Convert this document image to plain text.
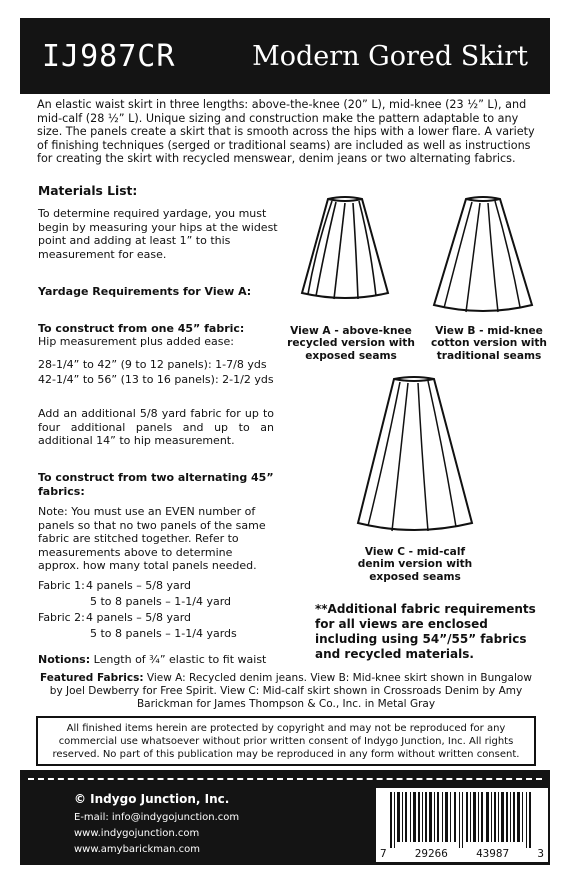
IJ987CR	Modern Gored Skirt
An elastic waist skirt in three lengths: above-the-knee (20” L), mid-knee (23 ½” L), and mid-calf (28 ½” L). Unique sizing and construction make the pattern adaptable to any size. The panels create a skirt that is smooth across the hips with a lower flare. A variety of finishing techniques (serged or traditional seams) are included as well as instructions for creating the skirt with recycled menswear, denim jeans or two alternating fabrics.
Materials List:
To determine required yardage, you must begin by measuring your hips at the widest point and adding at least 1” to this measurement for ease.
Yardage Requirements for View A:
To construct from one 45” fabric:
Hip measurement plus added ease:
28-1/4” to 42” (9 to 12 panels): 1-7/8 yds
42-1/4” to 56” (13 to 16 panels): 2-1/2 yds
Add an additional 5/8 yard fabric for up to four additional panels and up to an additional 14” to hip measurement.
To construct from two alternating 45” fabrics:
Note: You must use an EVEN number of panels so that no two panels of the same fabric are stitched together. Refer to measurements above to determine approx. how many total panels needed.
Fabric 1: 4 panels – 5/8 yard
5 to 8 panels – 1-1/4 yard
Fabric 2: 4 panels – 5/8 yard
5 to 8 panels – 1-1/4 yards
Notions: Length of ¾” elastic to fit waist
View A - above-knee recycled version with exposed seams
View B - mid-knee cotton version with traditional seams
View C - mid-calf denim version with exposed seams
**Additional fabric requirements for all views are enclosed including using 54”/55” fabrics and recycled materials.
Featured Fabrics: View A: Recycled denim jeans. View B: Mid-knee skirt shown in Bungalow by Joel Dewberry for Free Spirit. View C: Mid-calf skirt shown in Crossroads Denim by Amy Barickman for James Thompson & Co., Inc. in Metal Gray
All finished items herein are protected by copyright and may not be reproduced for any commercial use whatsoever without prior written consent of Indygo Junction, Inc. All rights reserved. No part of this publication may be reproduced in any form without written consent.
© Indygo Junction, Inc.
E-mail: info@indygojunction.com
www.indygojunction.com
www.amybarickman.com	7	29266	43987	3
